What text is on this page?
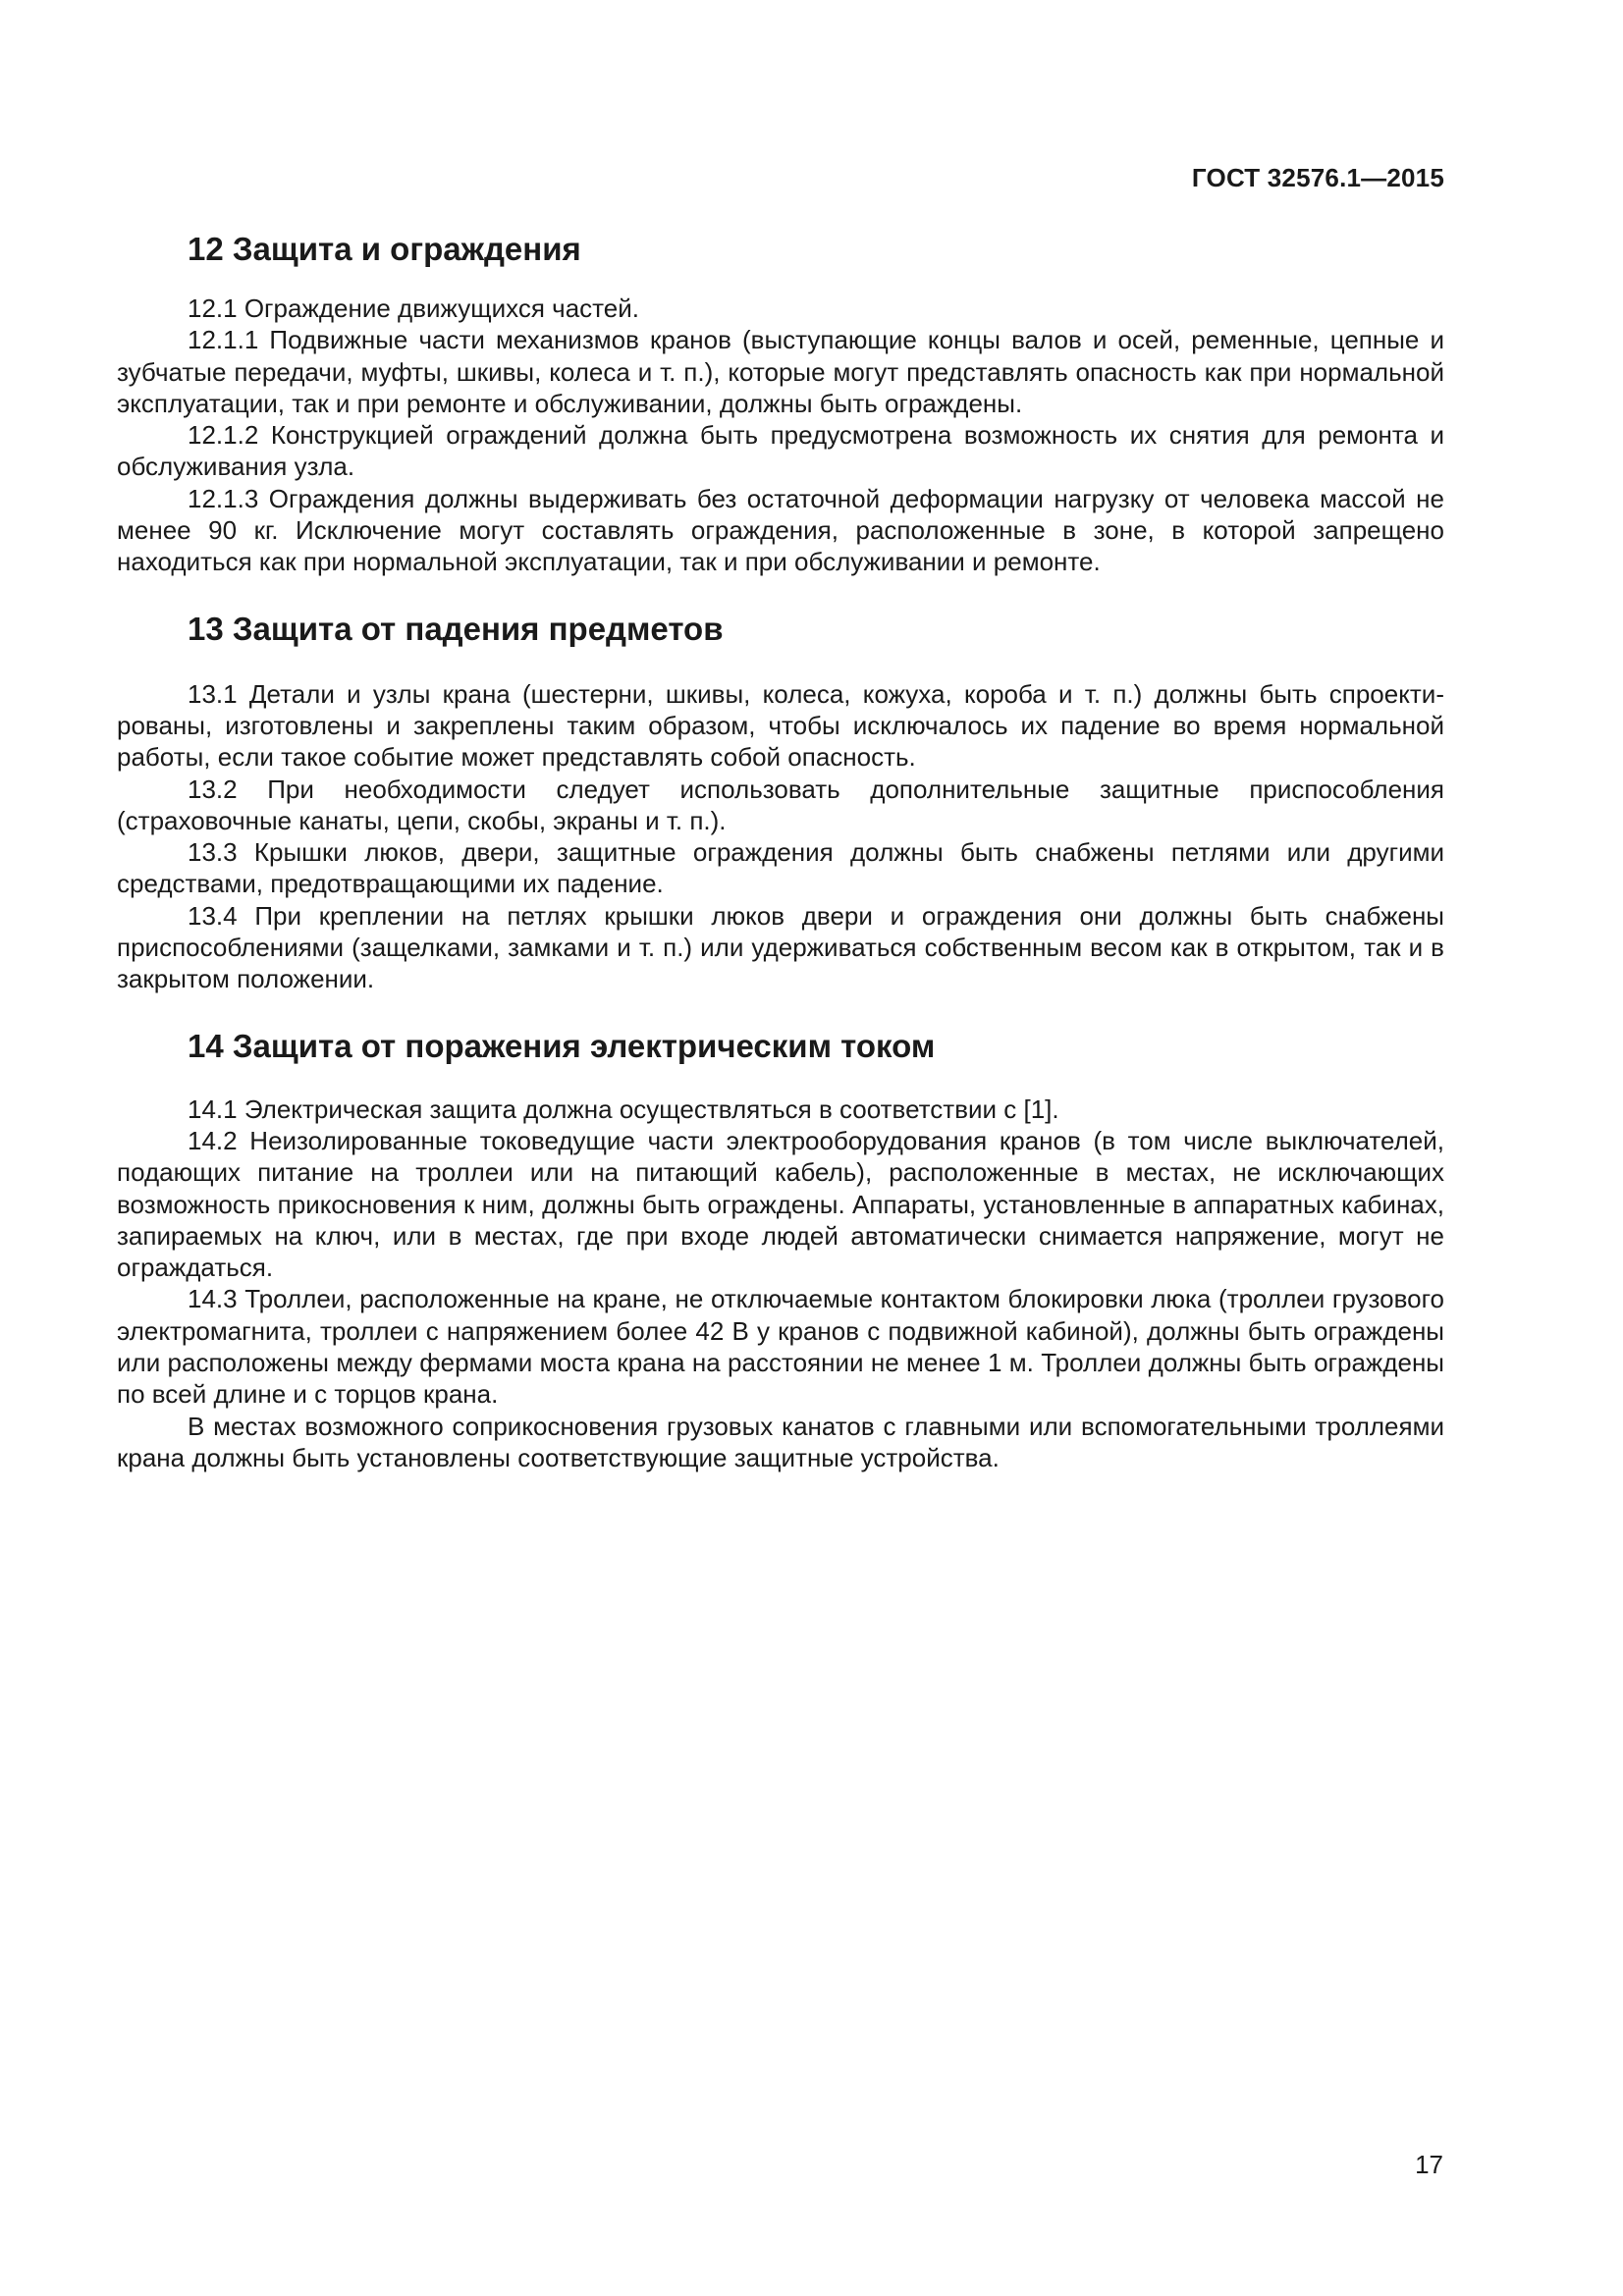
ГОСТ 32576.1—2015
12 Защита и ограждения

12.1 Ограждение движущихся частей.

12.1.1 Подвижные части механизмов кранов (выступающие концы валов и осей, ременные, цепные и зубчатые передачи, муфты, шкивы, колеса и т. п.), которые могут представлять опасность как при нормальной эксплуатации, так и при ремонте и обслуживании, должны быть ограждены.

12.1.2 Конструкцией ограждений должна быть предусмотрена возможность их снятия для ремонта и обслуживания узла.

12.1.3 Ограждения должны выдерживать без остаточной деформации нагрузку от человека массой не менее 90 кг. Исключение могут составлять ограждения, расположенные в зоне, в которой запрещено находиться как при нормальной эксплуатации, так и при обслуживании и ремонте.

13 Защита от падения предметов

13.1 Детали и узлы крана (шестерни, шкивы, колеса, кожуха, короба и т. п.) должны быть спроектированы, изготовлены и закреплены таким образом, чтобы исключалось их падение во время нормальной работы, если такое событие может представлять собой опасность.

13.2 При необходимости следует использовать дополнительные защитные приспособления (страховочные канаты, цепи, скобы, экраны и т. п.).

13.3 Крышки люков, двери, защитные ограждения должны быть снабжены петлями или другими средствами, предотвращающими их падение.

13.4 При креплении на петлях крышки люков двери и ограждения они должны быть снабжены приспособлениями (защелками, замками и т. п.) или удерживаться собственным весом как в открытом, так и в закрытом положении.

14 Защита от поражения электрическим током

14.1 Электрическая защита должна осуществляться в соответствии с [1].

14.2 Неизолированные токоведущие части электрооборудования кранов (в том числе выключателей, подающих питание на троллеи или на питающий кабель), расположенные в местах, не исключающих возможность прикосновения к ним, должны быть ограждены. Аппараты, установленные в аппаратных кабинах, запираемых на ключ, или в местах, где при входе людей автоматически снимается напряжение, могут не ограждаться.

14.3 Троллеи, расположенные на кране, не отключаемые контактом блокировки люка (троллеи грузового электромагнита, троллеи с напряжением более 42 В у кранов с подвижной кабиной), должны быть ограждены или расположены между фермами моста крана на расстоянии не менее 1 м. Троллеи должны быть ограждены по всей длине и с торцов крана.

В местах возможного соприкосновения грузовых канатов с главными или вспомогательными троллеями крана должны быть установлены соответствующие защитные устройства.

17
